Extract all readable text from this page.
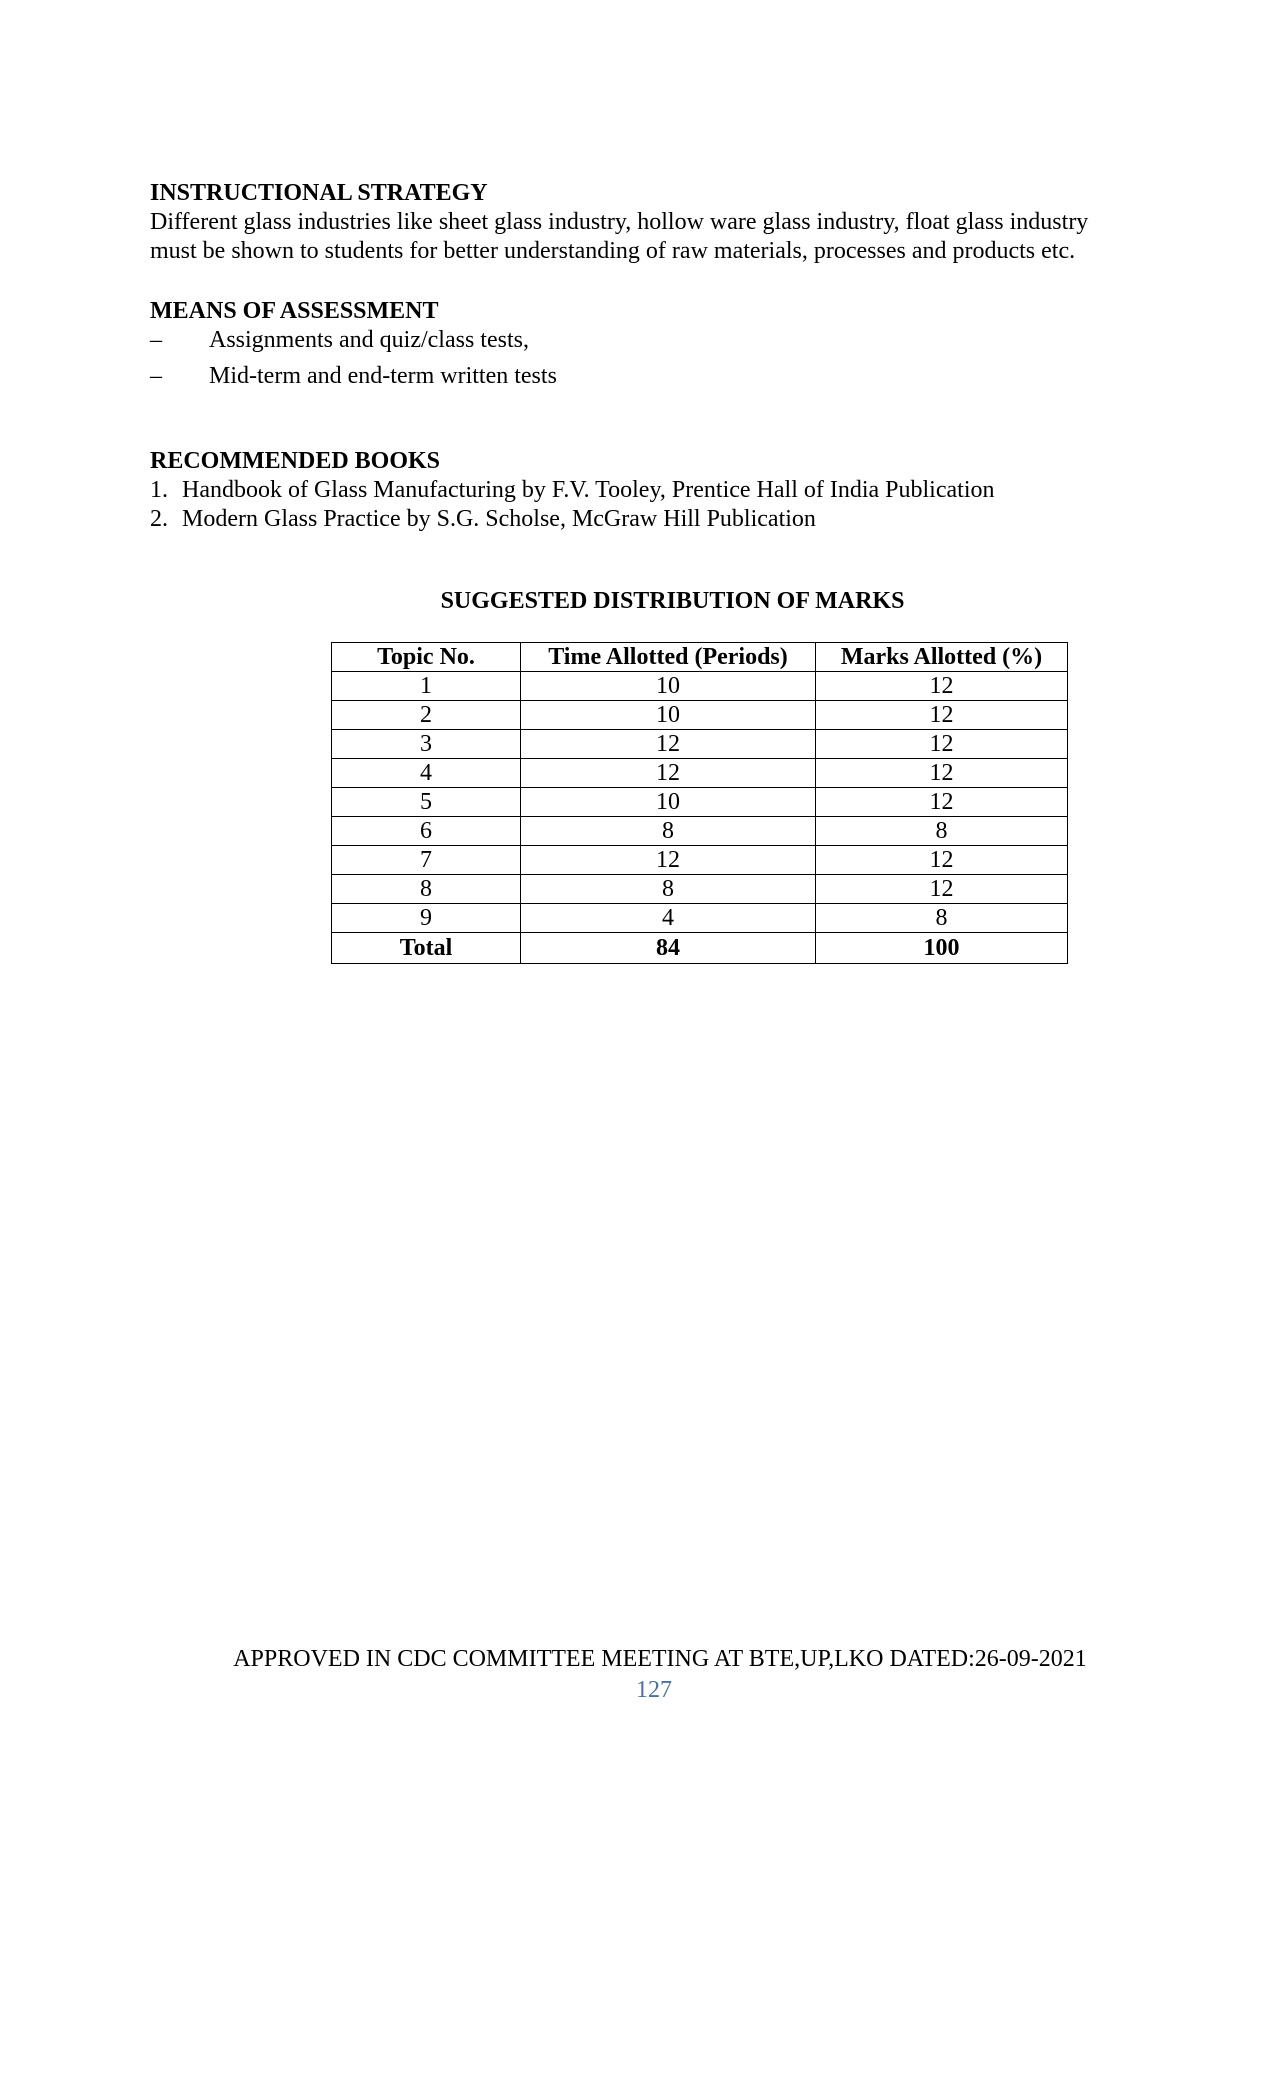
INSTRUCTIONAL STRATEGY

Different glass industries like sheet glass industry, hollow ware glass industry, float glass industry
must be shown to students for better understanding of raw materials, processes and products etc.

MEANS OF ASSESSMENT
– Assignments and quiz/class tests,
– Mid-term and end-term written tests
RECOMMENDED BOOKS
1. Handbook of Glass Manufacturing by F.V. Tooley, Prentice Hall of India Publication
2. Modern Glass Practice by S.G. Scholse, McGraw Hill Publication
SUGGESTED DISTRIBUTION OF MARKS
Topic No.	Time Allotted (Periods)	Marks Allotted (%)
1	10	12
2	10	12
3	12	12
4	12	12
5	10	12
6	8	8
7	12	12
8	8	12
9	4	8
Total	84	100

APPROVED IN CDC COMMITTEE MEETING AT BTE,UP,LKO DATED:26-09-2021

127
